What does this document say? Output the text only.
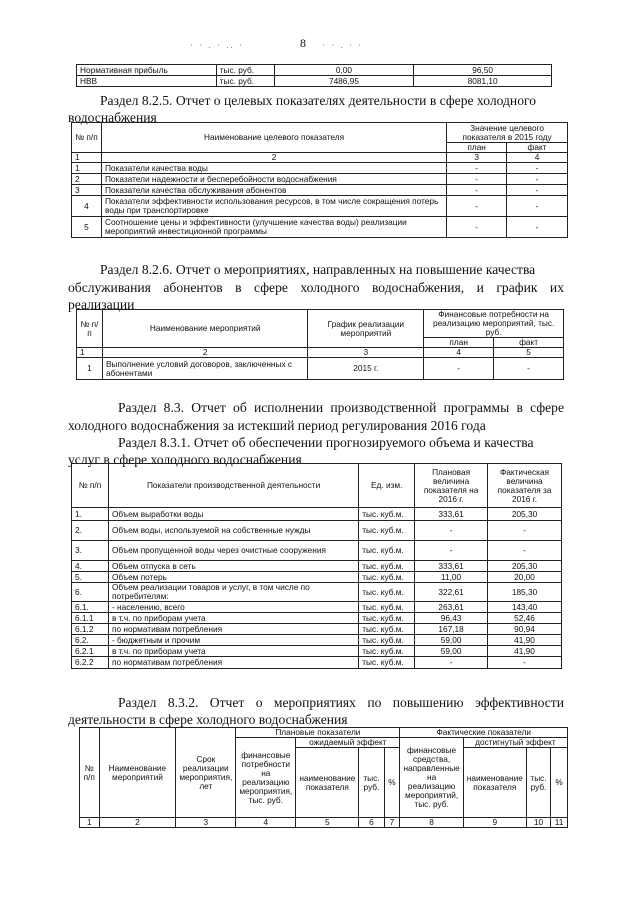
· · . · .. ·	8 · · . · ·
Нормативная прибыль	тыс. руб.	0,00	96,50
НВВ	тыс. руб.	7486,95	8081,10
Раздел 8.2.5. Отчет о целевых показателях деятельности в сфере холодного
водоснабжения
№ п/п	Наименование целевого показателя	Значение целевого показателя в 2015 году	
		план	факт
1	2	3	4
1	Показатели качества воды	-	-
2	Показатели надежности и бесперебойности водоснабжения	-	-
3	Показатели качества обслуживания абонентов	-	-
4	Показатели эффективности использования ресурсов, в том числе сокращения потерь воды при транспортировке	-	-
5	Соотношение цены и эффективности (улучшение качества воды) реализации мероприятий инвестиционной программы	-	-
Раздел 8.2.6. Отчет о мероприятиях, направленных на повышение качества
обслуживания абонентов в сфере холодного водоснабжения, и график их
реализации
№ п/п	Наименование мероприятий	График реализации мероприятий	Финансовые потребности на реализацию мероприятий, тыс. руб.	
			план	факт
1	2	3	4	5
1	Выполнение условий договоров, заключенных с абонентами	2015 г.	-	-
Раздел 8.3. Отчет об исполнении производственной программы в сфере
холодного водоснабжения за истекший период регулирования 2016 года
Раздел 8.3.1. Отчет об обеспечении прогнозируемого объема и качества
услуг в сфере холодного водоснабжения
№ п/п	Показатели производственной деятельности	Ед. изм.	Плановая величина показателя на 2016 г.	Фактическая величина показателя за 2016 г.
1.	Объем выработки воды	тыс. куб.м.	333,61	205,30
2.	Объем воды, используемой на собственные нужды	тыс. куб.м.	-	-
3.	Объем пропущенной воды через очистные сооружения	тыс. куб.м.	-	-
4.	Объем отпуска в сеть	тыс. куб.м.	333,61	205,30
5.	Объем потерь	тыс. куб.м.	11,00	20,00
6.	Объем реализации товаров и услуг, в том числе по потребителям:	тыс. куб.м.	322,61	185,30
6.1.	- населению, всего	тыс. куб.м.	263,61	143,40
6.1.1	в т.ч. по приборам учета	тыс. куб.м.	96,43	52,46
6.1.2	по нормативам потребления	тыс. куб.м.	167,18	90,94
6.2.	- бюджетным и прочим	тыс. куб.м.	59,00	41,90
6.2.1	в т.ч. по приборам учета	тыс. куб.м.	59,00	41,90
6.2.2	по нормативам потребления	тыс. куб.м.	-	-
Раздел 8.3.2. Отчет о мероприятиях по повышению эффективности
деятельности в сфере холодного водоснабжения
№ п/п	Наименование мероприятий	Срок реализации мероприятия, лет	Плановые показатели				Фактические показатели			
			финансовые потребности на реализацию мероприятия, тыс. руб.	ожидаемый эффект			финансовые средства, направленные на реализацию мероприятий, тыс. руб.	достигнутый эффект		
				наименование показателя	тыс. руб.	%		наименование показателя	тыс. руб.	%
1	2	3	4	5	6	7	8	9	10	11
